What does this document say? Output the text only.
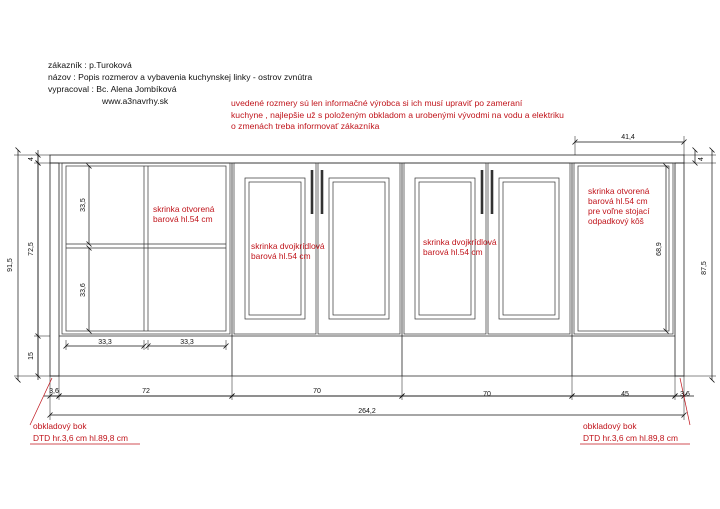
zákazník : p.Turoková
názov : Popis rozmerov a vybavenia kuchynskej linky - ostrov zvnútra
vypracoval : Bc. Alena Jombíková
www.a3navrhy.sk	uvedené rozmery sú len informačné výrobca si ich musí upraviť po zameraní
kuchyne , najlepšie už s položeným obkladom a urobenými vývodmi na vodu a elektriku
o zmenách treba informovať zákazníka
91,5
72,5
15
4	4
87,5
68,9
33,5
33,6
33,3	33,3
41,4
3,6	72	70	70	45	3,6
264,2
skrinka otvorená
barová hl.54 cm
skrinka dvojkrídlová
barová hl.54 cm
skrinka dvojkrídlová
barová hl.54 cm
skrinka otvorená
barová hl.54 cm
pre voľne stojací
odpadkový kôš
obkladový bok
DTD hr.3,6 cm hl.89,8 cm
obkladový bok
DTD hr.3,6 cm hl.89,8 cm
